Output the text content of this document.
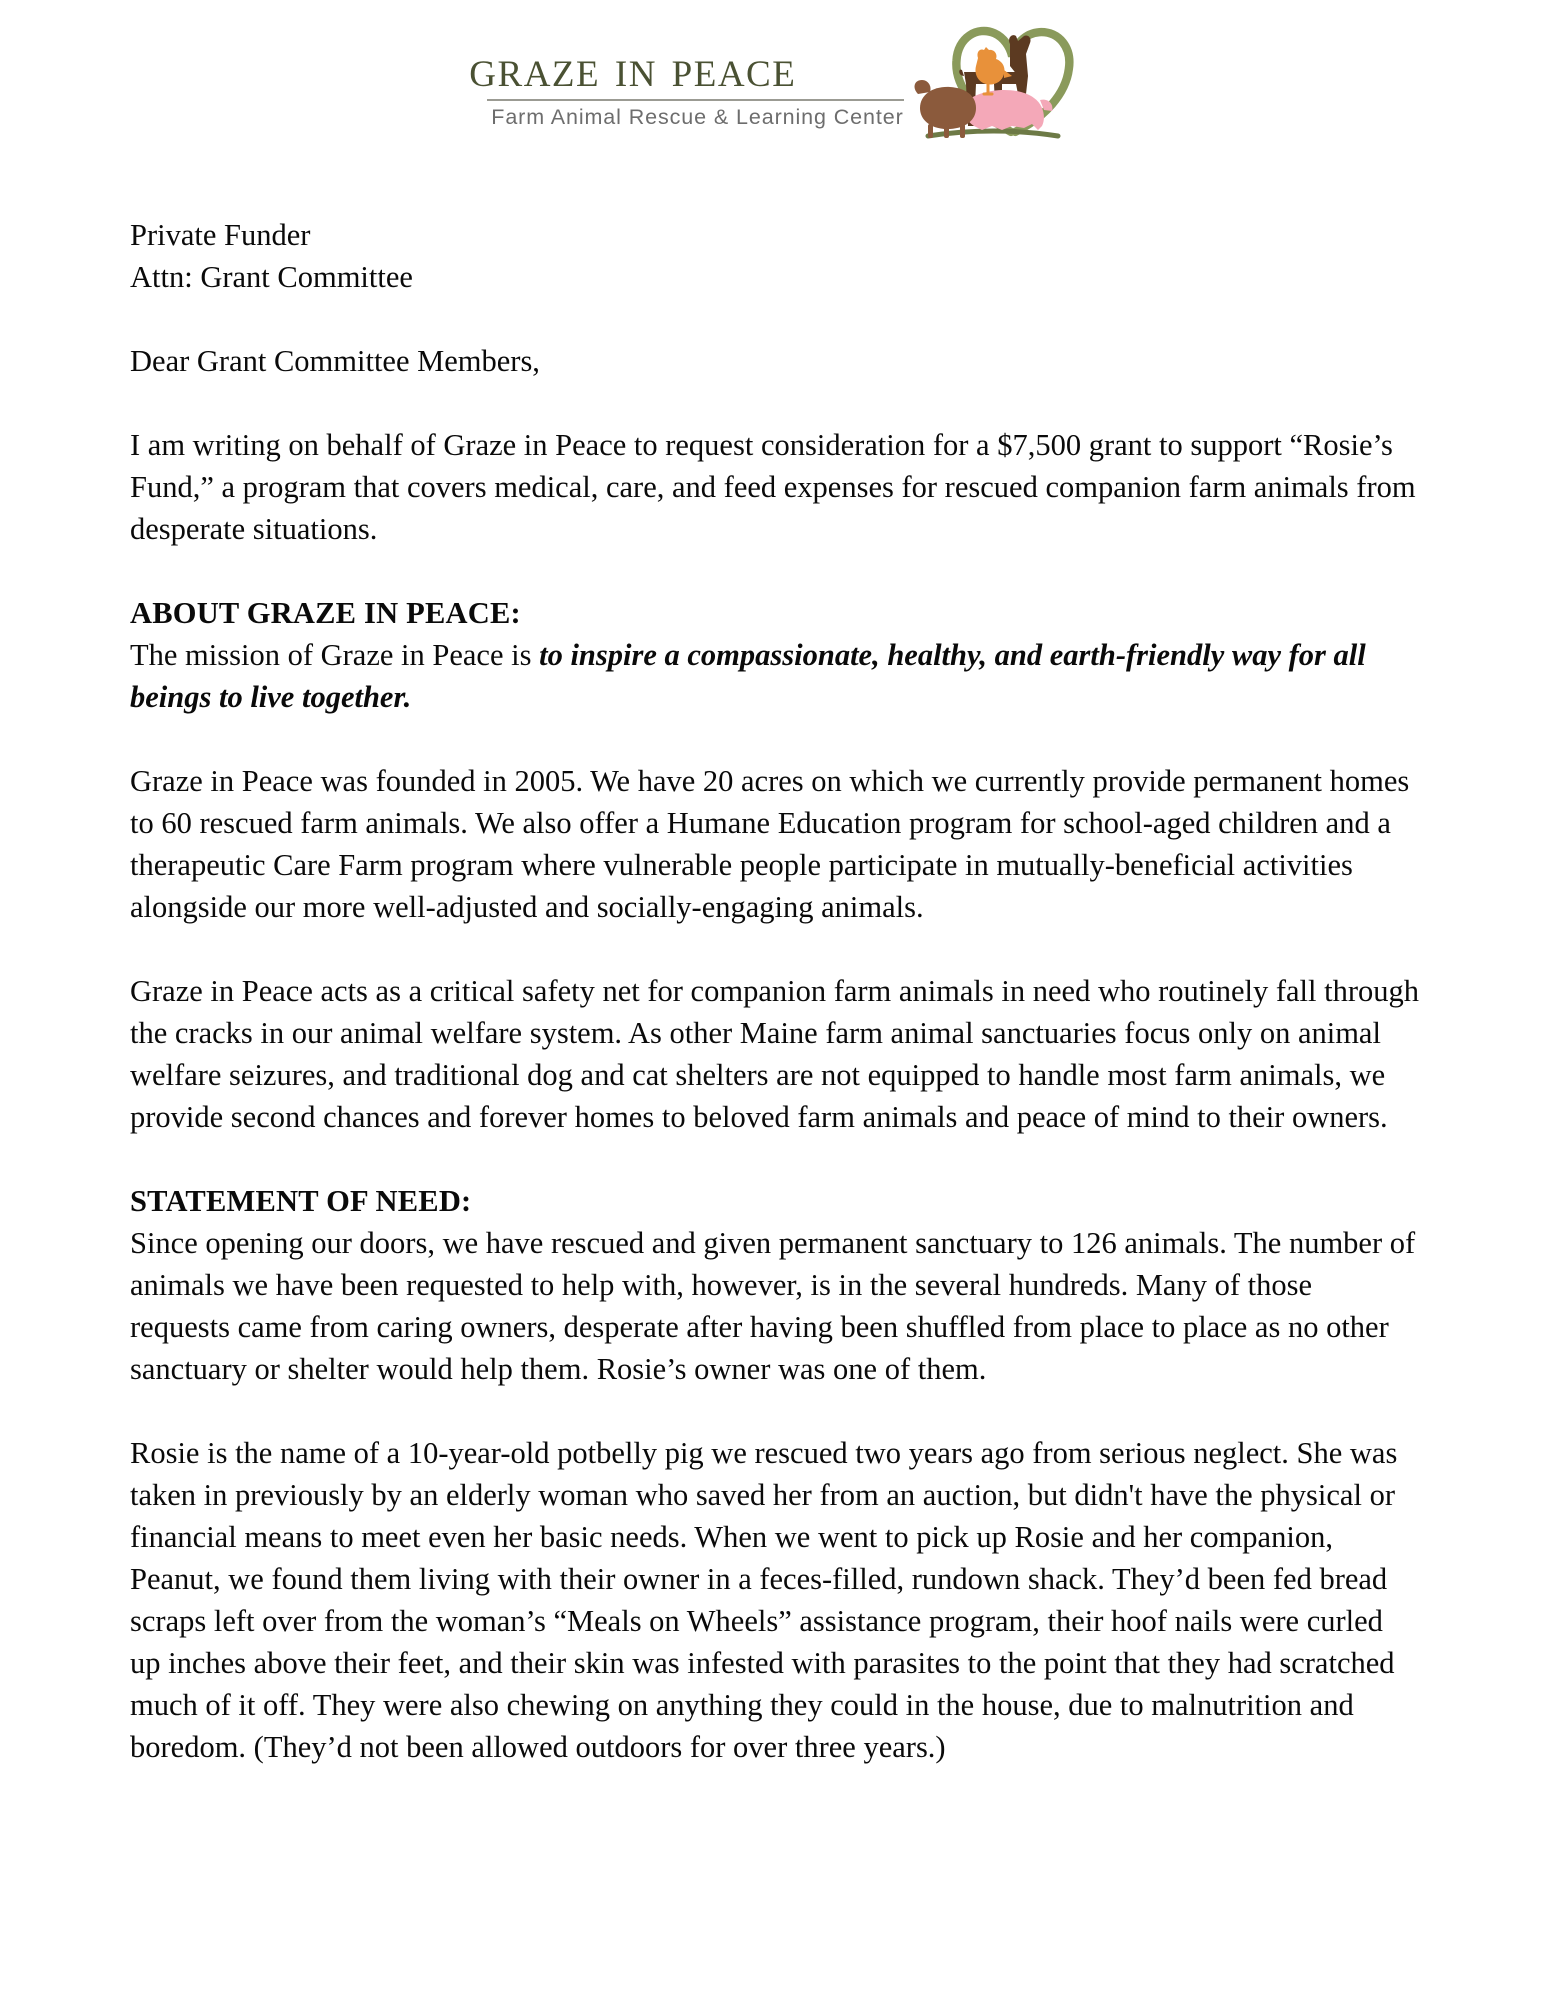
graze in peace
Farm Animal Rescue & Learning Center
Private Funder
Attn: Grant Committee

Dear Grant Committee Members,

I am writing on behalf of Graze in Peace to request consideration for a $7,500 grant to support “Rosie’s Fund,” a program that covers medical, care, and feed expenses for rescued companion farm animals from desperate situations.

ABOUT GRAZE IN PEACE:

The mission of Graze in Peace is to inspire a compassionate, healthy, and earth-friendly way for all beings to live together.

Graze in Peace was founded in 2005. We have 20 acres on which we currently provide permanent homes to 60 rescued farm animals. We also offer a Humane Education program for school-aged children and a therapeutic Care Farm program where vulnerable people participate in mutually-beneficial activities alongside our more well-adjusted and socially-engaging animals.

Graze in Peace acts as a critical safety net for companion farm animals in need who routinely fall through the cracks in our animal welfare system. As other Maine farm animal sanctuaries focus only on animal welfare seizures, and traditional dog and cat shelters are not equipped to handle most farm animals, we provide second chances and forever homes to beloved farm animals and peace of mind to their owners.

STATEMENT OF NEED:

Since opening our doors, we have rescued and given permanent sanctuary to 126 animals. The number of animals we have been requested to help with, however, is in the several hundreds. Many of those requests came from caring owners, desperate after having been shuffled from place to place as no other sanctuary or shelter would help them. Rosie’s owner was one of them.

Rosie is the name of a 10-year-old potbelly pig we rescued two years ago from serious neglect. She was taken in previously by an elderly woman who saved her from an auction, but didn't have the physical or financial means to meet even her basic needs. When we went to pick up Rosie and her companion, Peanut, we found them living with their owner in a feces-filled, rundown shack. They’d been fed bread scraps left over from the woman’s “Meals on Wheels” assistance program, their hoof nails were curled up inches above their feet, and their skin was infested with parasites to the point that they had scratched much of it off. They were also chewing on anything they could in the house, due to malnutrition and boredom. (They’d not been allowed outdoors for over three years.)
